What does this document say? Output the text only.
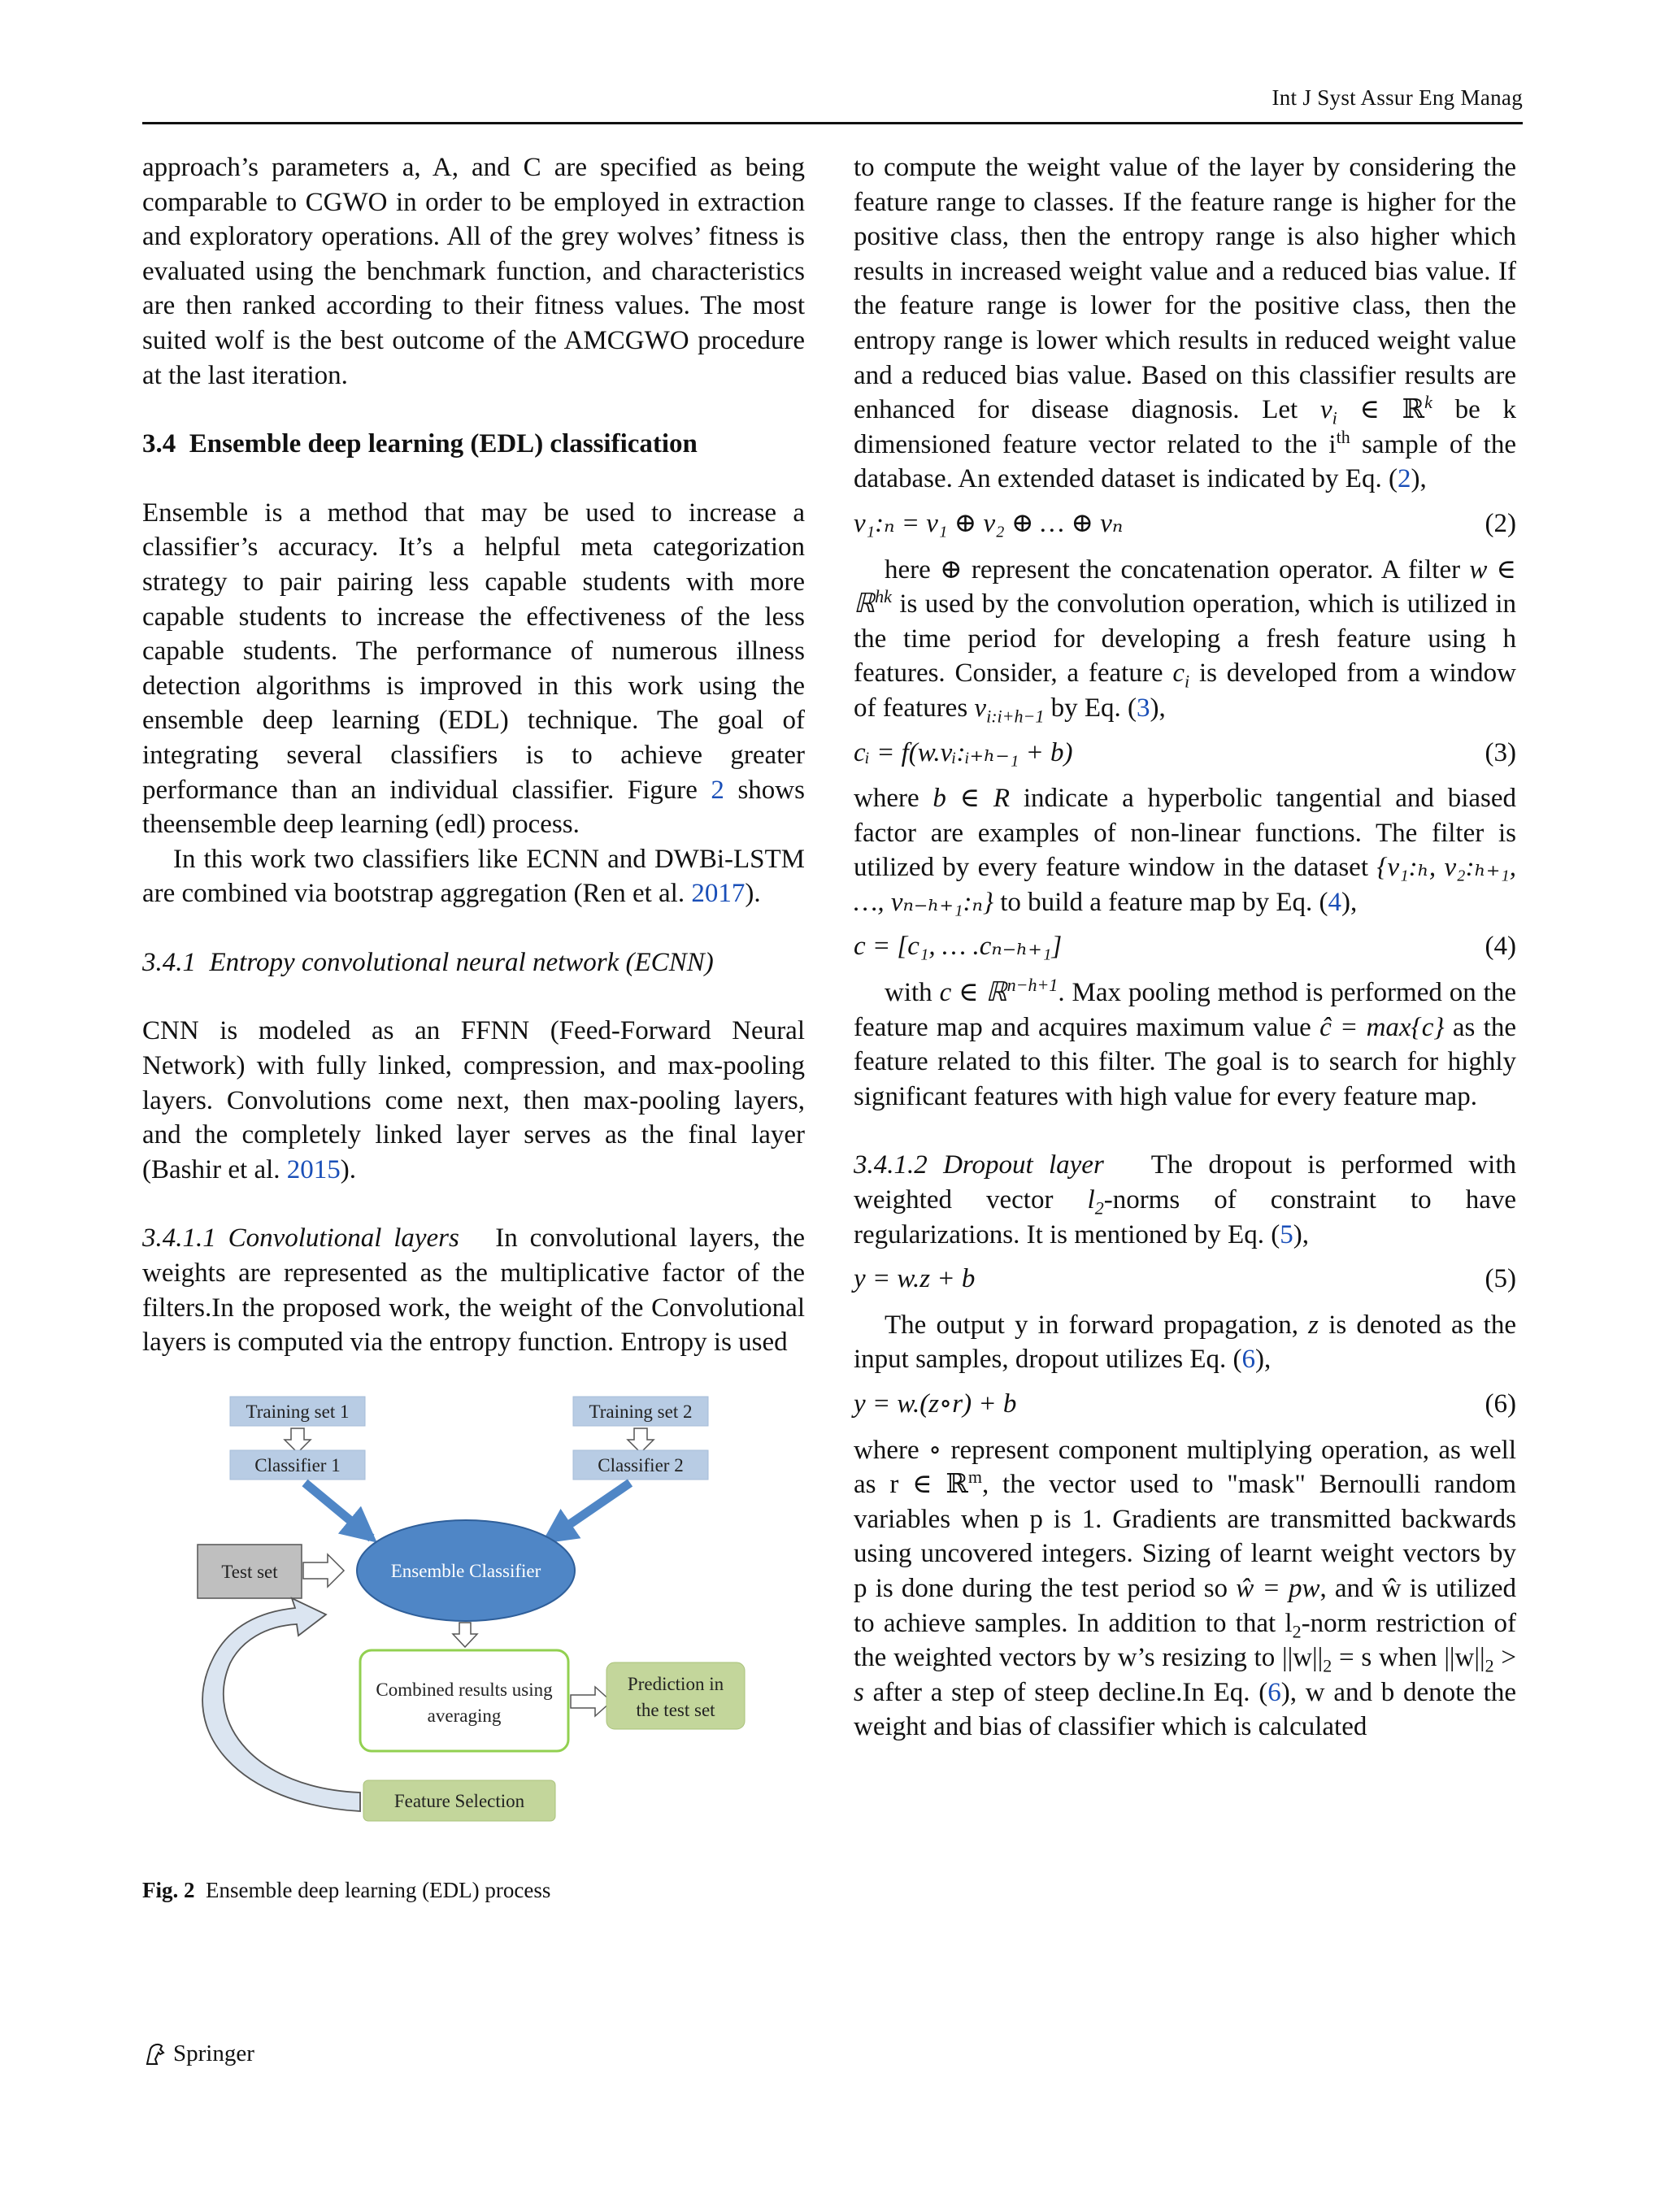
Int J Syst Assur Eng Manag

approach’s parameters a, A, and C are specified as being comparable to CGWO in order to be employed in extraction and exploratory operations. All of the grey wolves’ fitness is evaluated using the benchmark function, and characteristics are then ranked according to their fitness values. The most suited wolf is the best outcome of the AMCGWO procedure at the last iteration.

3.4 Ensemble deep learning (EDL) classification

Ensemble is a method that may be used to increase a classifier’s accuracy. It’s a helpful meta categorization strategy to pair pairing less capable students with more capable students to increase the effectiveness of the less capable students. The performance of numerous illness detection algorithms is improved in this work using the ensemble deep learning (EDL) technique. The goal of integrating several classifiers is to achieve greater performance than an individual classifier. Figure 2 shows theensemble deep learning (edl) process.

In this work two classifiers like ECNN and DWBi-LSTM are combined via bootstrap aggregation (Ren et al. 2017).

3.4.1 Entropy convolutional neural network (ECNN)

CNN is modeled as an FFNN (Feed-Forward Neural Network) with fully linked, compression, and max-pooling layers. Convolutions come next, then max-pooling layers, and the completely linked layer serves as the final layer (Bashir et al. 2015).

3.4.1.1 Convolutional layers In convolutional layers, the weights are represented as the multiplicative factor of the filters.In the proposed work, the weight of the Convolutional layers is computed via the entropy function. Entropy is used

Training set 1
Classifier 1
Training set 2
Classifier 2
Test set	Ensemble Classifier
Combined results using
averaging
Prediction in
the test set
Feature Selection
Fig. 2 Ensemble deep learning (EDL) process

to compute the weight value of the layer by considering the feature range to classes. If the feature range is higher for the positive class, then the entropy range is also higher which results in increased weight value and a reduced bias value. If the feature range is lower for the positive class, then the entropy range is lower which results in reduced weight value and a reduced bias value. Based on this classifier results are enhanced for disease diagnosis. Let $v_i$ ∈ ℝ$^k$ be k dimensioned feature vector related to the $i^{th}$ sample of the database. An extended dataset is indicated by Eq. (2),

v₁:ₙ = v₁ ⊕ v₂ ⊕ … ⊕ vₙ	(2)

here ⊕ represent the concatenation operator. A filter w ∈ ℝ$^{hk}$ is used by the convolution operation, which is utilized in the time period for developing a fresh feature using h features. Consider, a feature $c_i$ is developed from a window of features $v_{i:i+h-1}$ by Eq. (3),

cᵢ = f(w.vᵢ:ᵢ₊ₕ₋₁ + b)	(3)

where b ∈ R indicate a hyperbolic tangential and biased factor are examples of non-linear functions. The filter is utilized by every feature window in the dataset {v₁:ₕ, v₂:ₕ₊₁, …, vₙ₋ₕ₊₁:ₙ} to build a feature map by Eq. (4),

c = [c₁, … .cₙ₋ₕ₊₁]	(4)

with c ∈ ℝ$^{n-h+1}$. Max pooling method is performed on the feature map and acquires maximum value ĉ = max{c} as the feature related to this filter. The goal is to search for highly significant features with high value for every feature map.

3.4.1.2 Dropout layer The dropout is performed with weighted vector $l_2$-norms of constraint to have regularizations. It is mentioned by Eq. (5),

y = w.z + b	(5)

The output y in forward propagation, z is denoted as the input samples, dropout utilizes Eq. (6),

y = w.(z∘r) + b	(6)

where ∘ represent component multiplying operation, as well as r ∈ ℝ$^m$, the vector used to "mask" Bernoulli random variables when p is 1. Gradients are transmitted backwards using uncovered integers. Sizing of learnt weight vectors by p is done during the test period so ŵ = pw, and ŵ is utilized to achieve samples. In addition to that $l_2$-norm restriction of the weighted vectors by w’s resizing to $||w||_2 = s$ when $||w||_2 > s$ after a step of steep decline.In Eq. (6), w and b denote the weight and bias of classifier which is calculated

Springer
